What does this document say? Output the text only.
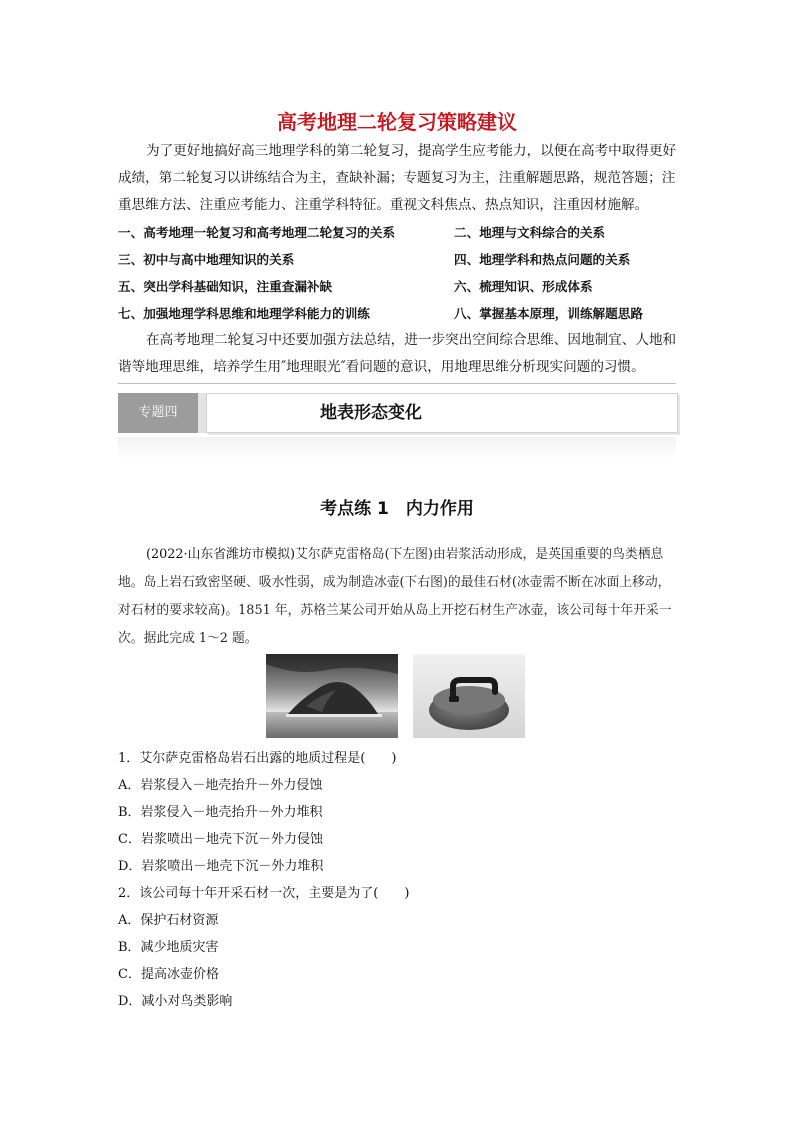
高考地理二轮复习策略建议
为了更好地搞好高三地理学科的第二轮复习，提高学生应考能力，以便在高考中取得更好成绩，第二轮复习以讲练结合为主，查缺补漏；专题复习为主，注重解题思路，规范答题；注重思维方法、注重应考能力、注重学科特征。重视文科焦点、热点知识，注重因材施解。
一、高考地理一轮复习和高考地理二轮复习的关系	二、地理与文科综合的关系
三、初中与高中地理知识的关系	四、地理学科和热点问题的关系
五、突出学科基础知识，注重查漏补缺	六、梳理知识、形成体系
七、加强地理学科思维和地理学科能力的训练	八、掌握基本原理，训练解题思路
在高考地理二轮复习中还要加强方法总结，进一步突出空间综合思维、因地制宜、人地和谐等地理思维，培养学生用″地理眼光″看问题的意识，用地理思维分析现实问题的习惯。
专题四	地表形态变化
考点练 1　内力作用
(2022·山东省潍坊市模拟)艾尔萨克雷格岛(下左图)由岩浆活动形成，是英国重要的鸟类栖息地。岛上岩石致密坚硬、吸水性弱，成为制造冰壶(下右图)的最佳石材(冰壶需不断在冰面上移动，对石材的要求较高)。1851 年，苏格兰某公司开始从岛上开挖石材生产冰壶，该公司每十年开采一次。据此完成 1～2 题。
1．艾尔萨克雷格岛岩石出露的地质过程是(　　)
A．岩浆侵入－地壳抬升－外力侵蚀
B．岩浆侵入－地壳抬升－外力堆积
C．岩浆喷出－地壳下沉－外力侵蚀
D．岩浆喷出－地壳下沉－外力堆积
2．该公司每十年开采石材一次，主要是为了(　　)
A．保护石材资源
B．减少地质灾害
C．提高冰壶价格
D．减小对鸟类影响
